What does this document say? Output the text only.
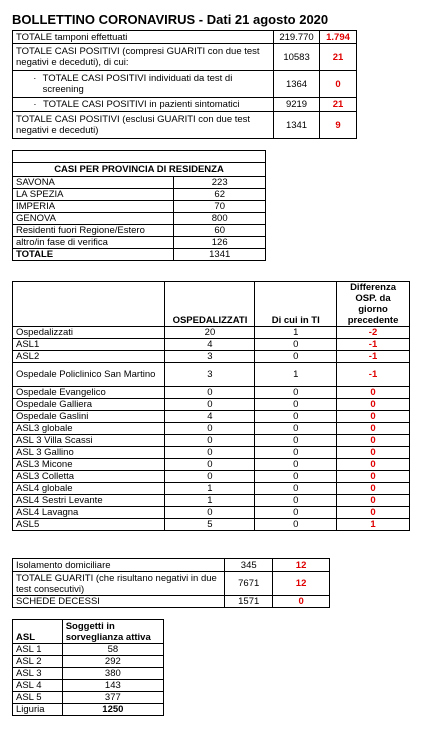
BOLLETTINO CORONAVIRUS - Dati 21 agosto 2020
TOTALE tamponi effettuati	219.770	1.794
TOTALE CASI POSITIVI (compresi GUARITI con due test negativi e deceduti), di cui:	10583	21

· TOTALE CASI POSITIVI individuati da test di screening	1364	0

· TOTALE CASI POSITIVI in pazienti sintomatici	9219	21
TOTALE CASI POSITIVI (esclusi GUARITI con due test negativi e deceduti)	1341	9

CASI PER PROVINCIA DI RESIDENZA	
SAVONA	223
LA SPEZIA	62
IMPERIA	70
GENOVA	800
Residenti fuori Regione/Estero	60
altro/in fase di verifica	126
TOTALE	1341
	OSPEDALIZZATI	Di cui in TI	Differenza OSP. da giorno precedente
Ospedalizzati	20	1	-2
ASL1	4	0	-1
ASL2	3	0	-1
Ospedale Policlinico San Martino	3	1	-1
Ospedale Evangelico	0	0	0
Ospedale Galliera	0	0	0
Ospedale Gaslini	4	0	0
ASL3 globale	0	0	0
ASL 3 Villa Scassi	0	0	0
ASL 3 Gallino	0	0	0
ASL3 Micone	0	0	0
ASL3 Colletta	0	0	0
ASL4 globale	1	0	0
ASL4 Sestri Levante	1	0	0
ASL4 Lavagna	0	0	0
ASL5	5	0	1
Isolamento domiciliare	345	12
TOTALE GUARITI (che risultano negativi in due test consecutivi)	7671	12
SCHEDE DECESSI	1571	0
ASL	Soggetti in sorveglianza attiva
ASL 1	58
ASL 2	292
ASL 3	380
ASL 4	143
ASL 5	377
Liguria	1250
